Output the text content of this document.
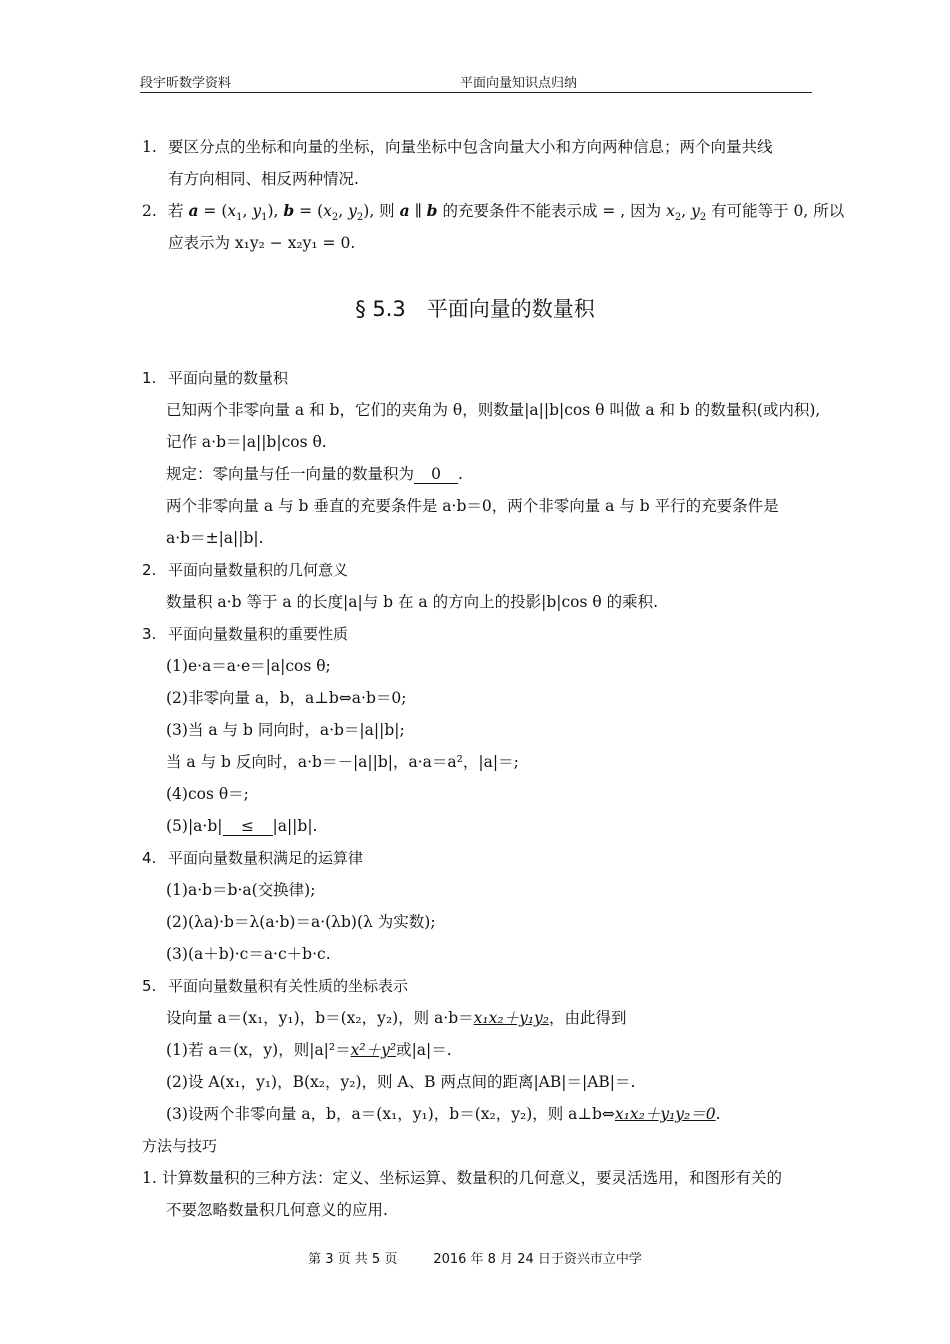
段宇昕数学资料	平面向量知识点归纳
1. 要区分点的坐标和向量的坐标，向量坐标中包含向量大小和方向两种信息；两个向量共线
有方向相同、相反两种情况.
2. 若 $a = (x_1$, $y_1$), $b = (x_2$, $y_2$), 则 a ∥ b 的充要条件不能表示成 = , 因为 $x_2$, $y_2$ 有可能等于 0, 所以
应表示为 x₁y₂ − x₂y₁ = 0.
§ 5.3　平面向量的数量积
1. 平面向量的数量积
已知两个非零向量 a 和 b，它们的夹角为 θ，则数量|a||b|cos θ 叫做 a 和 b 的数量积(或内积),
记作 a·b＝|a||b|cos θ.
规定：零向量与任一向量的数量积为 0 .
两个非零向量 a 与 b 垂直的充要条件是 a·b＝0，两个非零向量 a 与 b 平行的充要条件是
a·b＝±|a||b|.
2. 平面向量数量积的几何意义
数量积 a·b 等于 a 的长度|a|与 b 在 a 的方向上的投影|b|cos θ 的乘积.
3. 平面向量数量积的重要性质
(1)e·a＝a·e＝|a|cos θ;
(2)非零向量 a，b，a⊥b⇔a·b＝0;
(3)当 a 与 b 同向时，a·b＝|a||b|;
当 a 与 b 反向时，a·b＝－|a||b|，a·a＝a²，|a|＝;
(4)cos θ＝;
(5)|a·b| ≤ |a||b|.
4. 平面向量数量积满足的运算律
(1)a·b＝b·a(交换律);
(2)(λa)·b＝λ(a·b)＝a·(λb)(λ 为实数);
(3)(a＋b)·c＝a·c＋b·c.
5. 平面向量数量积有关性质的坐标表示
设向量 a＝(x₁，y₁)，b＝(x₂，y₂)，则 a·b＝x₁x₂＋y₁y₂，由此得到
(1)若 a＝(x，y)，则|a|²＝x²＋y²或|a|＝.
(2)设 A(x₁，y₁)，B(x₂，y₂)，则 A、B 两点间的距离|AB|＝|AB|＝.
(3)设两个非零向量 a，b，a＝(x₁，y₁)，b＝(x₂，y₂)，则 a⊥b⇔x₁x₂＋y₁y₂＝0.
方法与技巧
1. 计算数量积的三种方法：定义、坐标运算、数量积的几何意义，要灵活选用，和图形有关的
不要忽略数量积几何意义的应用.
第 3 页 共 5 页	2016 年 8 月 24 日于资兴市立中学
